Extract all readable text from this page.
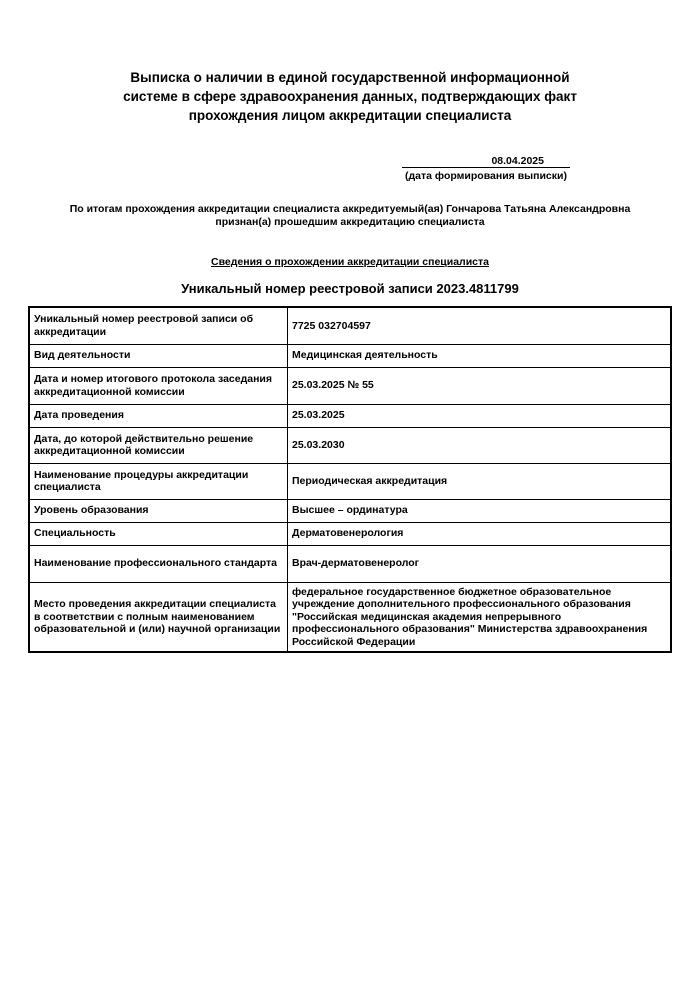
Выписка о наличии в единой государственной информационной
системе в сфере здравоохранения данных, подтверждающих факт
прохождения лицом аккредитации специалиста
08.04.2025
(дата формирования выписки)
По итогам прохождения аккредитации специалиста аккредитуемый(ая) Гончарова Татьяна Александровна
признан(а) прошедшим аккредитацию специалиста
Сведения о прохождении аккредитации специалиста
Уникальный номер реестровой записи 2023.4811799
Уникальный номер реестровой записи об аккредитации	7725 032704597
Вид деятельности	Медицинская деятельность
Дата и номер итогового протокола заседания аккредитационной комиссии	25.03.2025 № 55
Дата проведения	25.03.2025
Дата, до которой действительно решение аккредитационной комиссии	25.03.2030
Наименование процедуры аккредитации специалиста	Периодическая аккредитация
Уровень образования	Высшее – ординатура
Специальность	Дерматовенерология
Наименование профессионального стандарта	Врач-дерматовенеролог
Место проведения аккредитации специалиста в соответствии с полным наименованием образовательной и (или) научной организации	федеральное государственное бюджетное образовательное учреждение дополнительного профессионального образования "Российская медицинская академия непрерывного профессионального образования" Министерства здравоохранения Российской Федерации
